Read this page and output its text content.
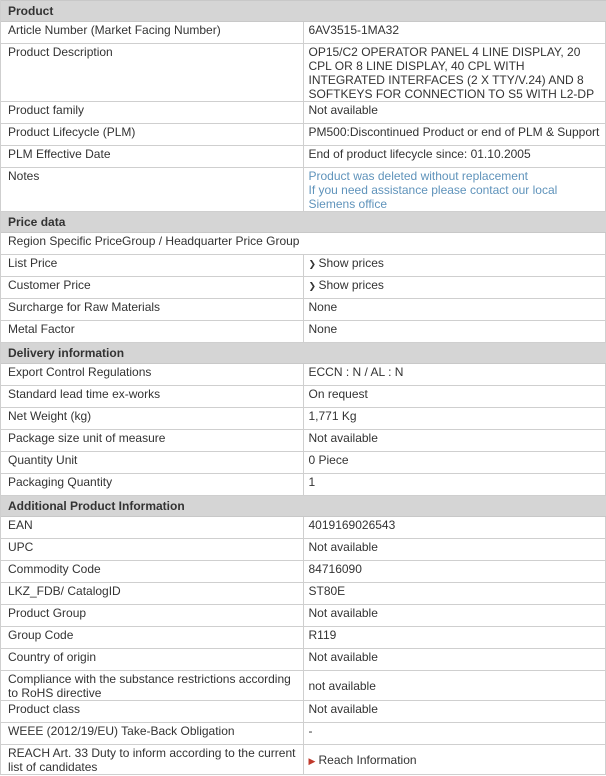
Product	
Article Number (Market Facing Number)	6AV3515-1MA32
Product Description	OP15/C2 OPERATOR PANEL 4 LINE DISPLAY, 20 CPL OR 8 LINE DISPLAY, 40 CPL WITH INTEGRATED INTERFACES (2 X TTY/V.24) AND 8 SOFTKEYS FOR CONNECTION TO S5 WITH L2-DP
Product family	Not available
Product Lifecycle (PLM)	PM500:Discontinued Product or end of PLM & Support
PLM Effective Date	End of product lifecycle since: 01.10.2005
Notes	Product was deleted without replacement
If you need assistance please contact our local Siemens office

Price data	
Region Specific PriceGroup / Headquarter Price Group	
List Price	❯ Show prices
Customer Price	❯ Show prices
Surcharge for Raw Materials	None
Metal Factor	None
Delivery information	
Export Control Regulations	ECCN : N / AL : N
Standard lead time ex-works	On request
Net Weight (kg)	1,771 Kg
Package size unit of measure	Not available
Quantity Unit	0 Piece
Packaging Quantity	1
Additional Product Information	
EAN	4019169026543
UPC	Not available
Commodity Code	84716090
LKZ_FDB/ CatalogID	ST80E
Product Group	Not available
Group Code	R119
Country of origin	Not available
Compliance with the substance restrictions according to RoHS directive	not available
Product class	Not available
WEEE (2012/19/EU) Take-Back Obligation	-
REACH Art. 33 Duty to inform according to the current list of candidates	▶ Reach Information
